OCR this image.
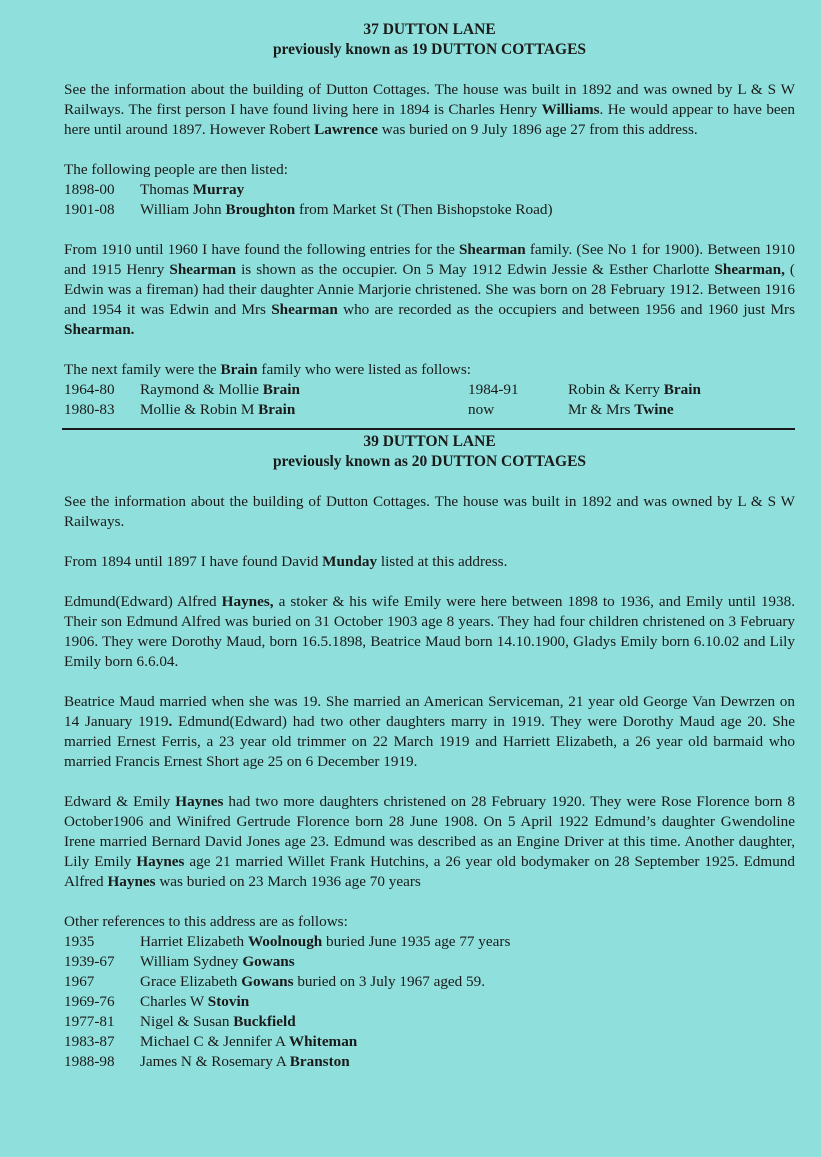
37 DUTTON LANE
previously known as 19 DUTTON COTTAGES

See the information about the building of Dutton Cottages. The house was built in 1892 and was owned by L & S W Railways. The first person I have found living here in 1894 is Charles Henry Williams. He would appear to have been here until around 1897. However Robert Lawrence was buried on 9 July 1896 age 27 from this address.

The following people are then listed:
1898-00	Thomas Murray
1901-08	William John Broughton from Market St (Then Bishopstoke Road)

From 1910 until 1960 I have found the following entries for the Shearman family. (See No 1 for 1900). Between 1910 and 1915 Henry Shearman is shown as the occupier. On 5 May 1912 Edwin Jessie & Esther Charlotte Shearman, ( Edwin was a fireman) had their daughter Annie Marjorie christened. She was born on 28 February 1912. Between 1916 and 1954 it was Edwin and Mrs Shearman who are recorded as the occupiers and between 1956 and 1960 just Mrs Shearman.

The next family were the Brain family who were listed as follows:
1964-80	Raymond & Mollie Brain	1984-91	Robin & Kerry Brain
1980-83	Mollie & Robin M Brain	now	Mr & Mrs Twine
39 DUTTON LANE
previously known as 20 DUTTON COTTAGES

See the information about the building of Dutton Cottages. The house was built in 1892 and was owned by L & S W Railways.

From 1894 until 1897 I have found David Munday listed at this address.

Edmund(Edward) Alfred Haynes, a stoker & his wife Emily were here between 1898 to 1936, and Emily until 1938. Their son Edmund Alfred was buried on 31 October 1903 age 8 years. They had four children christened on 3 February 1906. They were Dorothy Maud, born 16.5.1898, Beatrice Maud born 14.10.1900, Gladys Emily born 6.10.02 and Lily Emily born 6.6.04.

Beatrice Maud married when she was 19. She married an American Serviceman, 21 year old George Van Dewrzen on 14 January 1919. Edmund(Edward) had two other daughters marry in 1919. They were Dorothy Maud age 20. She married Ernest Ferris, a 23 year old trimmer on 22 March 1919 and Harriett Elizabeth, a 26 year old barmaid who married Francis Ernest Short age 25 on 6 December 1919.

Edward & Emily Haynes had two more daughters christened on 28 February 1920. They were Rose Florence born 8 October1906 and Winifred Gertrude Florence born 28 June 1908. On 5 April 1922 Edmund’s daughter Gwendoline Irene married Bernard David Jones age 23. Edmund was described as an Engine Driver at this time. Another daughter, Lily Emily Haynes age 21 married Willet Frank Hutchins, a 26 year old bodymaker on 28 September 1925. Edmund Alfred Haynes was buried on 23 March 1936 age 70 years

Other references to this address are as follows:
1935	Harriet Elizabeth Woolnough buried June 1935 age 77 years
1939-67	William Sydney Gowans
1967	Grace Elizabeth Gowans buried on 3 July 1967 aged 59.
1969-76	Charles W Stovin
1977-81	Nigel & Susan Buckfield
1983-87	Michael C & Jennifer A Whiteman
1988-98	James N & Rosemary A Branston
